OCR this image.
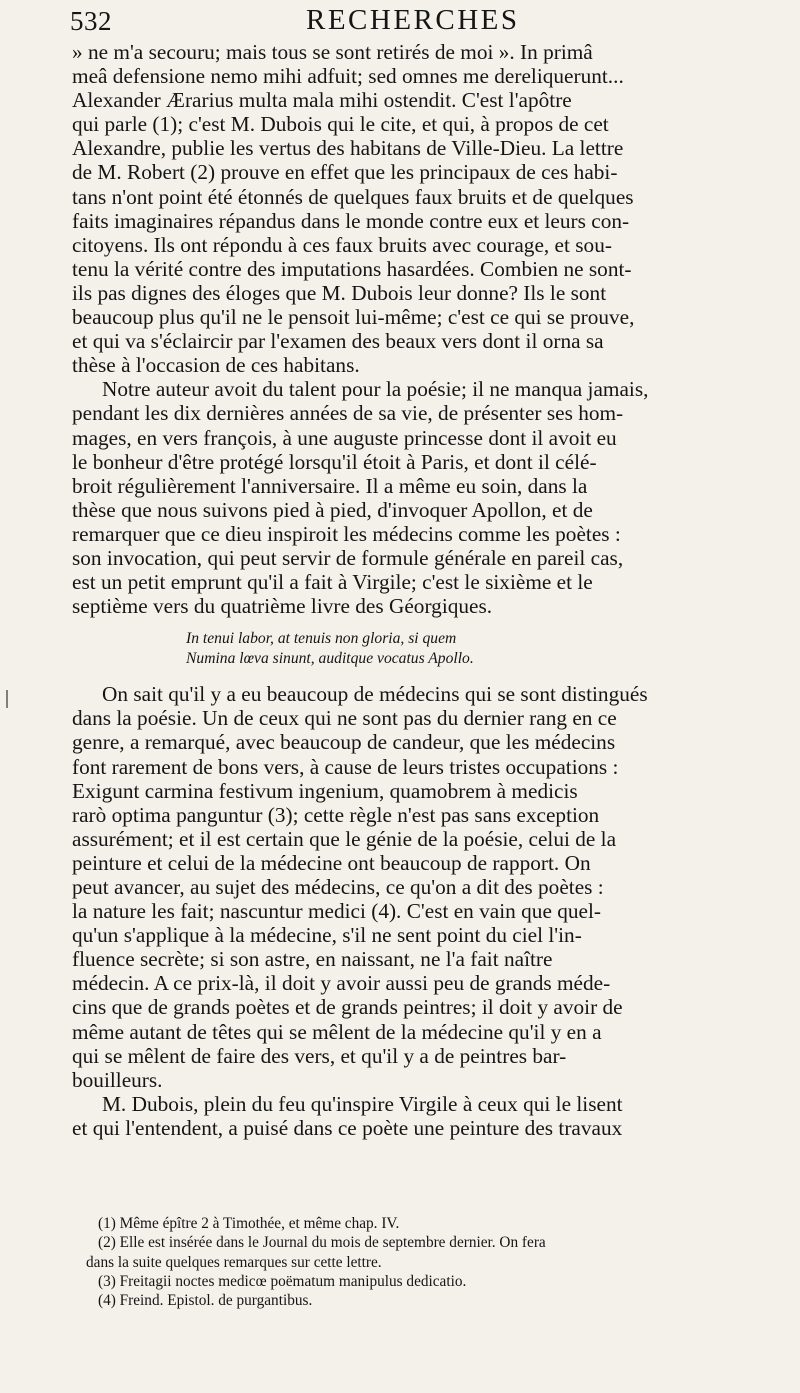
532	RECHERCHES
» ne m'a secouru; mais tous se sont retirés de moi ». In primâ
meâ defensione nemo mihi adfuit; sed omnes me dereliquerunt...
Alexander Ærarius multa mala mihi ostendit. C'est l'apôtre
qui parle (1); c'est M. Dubois qui le cite, et qui, à propos de cet
Alexandre, publie les vertus des habitans de Ville-Dieu. La lettre
de M. Robert (2) prouve en effet que les principaux de ces habi-
tans n'ont point été étonnés de quelques faux bruits et de quelques
faits imaginaires répandus dans le monde contre eux et leurs con-
citoyens. Ils ont répondu à ces faux bruits avec courage, et sou-
tenu la vérité contre des imputations hasardées. Combien ne sont-
ils pas dignes des éloges que M. Dubois leur donne? Ils le sont
beaucoup plus qu'il ne le pensoit lui-même; c'est ce qui se prouve,
et qui va s'éclaircir par l'examen des beaux vers dont il orna sa
thèse à l'occasion de ces habitans.
Notre auteur avoit du talent pour la poésie; il ne manqua jamais,
pendant les dix dernières années de sa vie, de présenter ses hom-
mages, en vers françois, à une auguste princesse dont il avoit eu
le bonheur d'être protégé lorsqu'il étoit à Paris, et dont il célé-
broit régulièrement l'anniversaire. Il a même eu soin, dans la
thèse que nous suivons pied à pied, d'invoquer Apollon, et de
remarquer que ce dieu inspiroit les médecins comme les poètes :
son invocation, qui peut servir de formule générale en pareil cas,
est un petit emprunt qu'il a fait à Virgile; c'est le sixième et le
septième vers du quatrième livre des Géorgiques.
In tenui labor, at tenuis non gloria, si quem
Numina lœva sinunt, auditque vocatus Apollo.
On sait qu'il y a eu beaucoup de médecins qui se sont distingués
dans la poésie. Un de ceux qui ne sont pas du dernier rang en ce
genre, a remarqué, avec beaucoup de candeur, que les médecins
font rarement de bons vers, à cause de leurs tristes occupations :
Exigunt carmina festivum ingenium, quamobrem à medicis
rarò optima panguntur (3); cette règle n'est pas sans exception
assurément; et il est certain que le génie de la poésie, celui de la
peinture et celui de la médecine ont beaucoup de rapport. On
peut avancer, au sujet des médecins, ce qu'on a dit des poètes :
la nature les fait; nascuntur medici (4). C'est en vain que quel-
qu'un s'applique à la médecine, s'il ne sent point du ciel l'in-
fluence secrète; si son astre, en naissant, ne l'a fait naître
médecin. A ce prix-là, il doit y avoir aussi peu de grands méde-
cins que de grands poètes et de grands peintres; il doit y avoir de
même autant de têtes qui se mêlent de la médecine qu'il y en a
qui se mêlent de faire des vers, et qu'il y a de peintres bar-
bouilleurs.
M. Dubois, plein du feu qu'inspire Virgile à ceux qui le lisent
et qui l'entendent, a puisé dans ce poète une peinture des travaux
(1) Même épître 2 à Timothée, et même chap. IV.
(2) Elle est insérée dans le Journal du mois de septembre dernier. On fera
dans la suite quelques remarques sur cette lettre.
(3) Freitagii noctes medicœ poëmatum manipulus dedicatio.
(4) Freind. Epistol. de purgantibus.
